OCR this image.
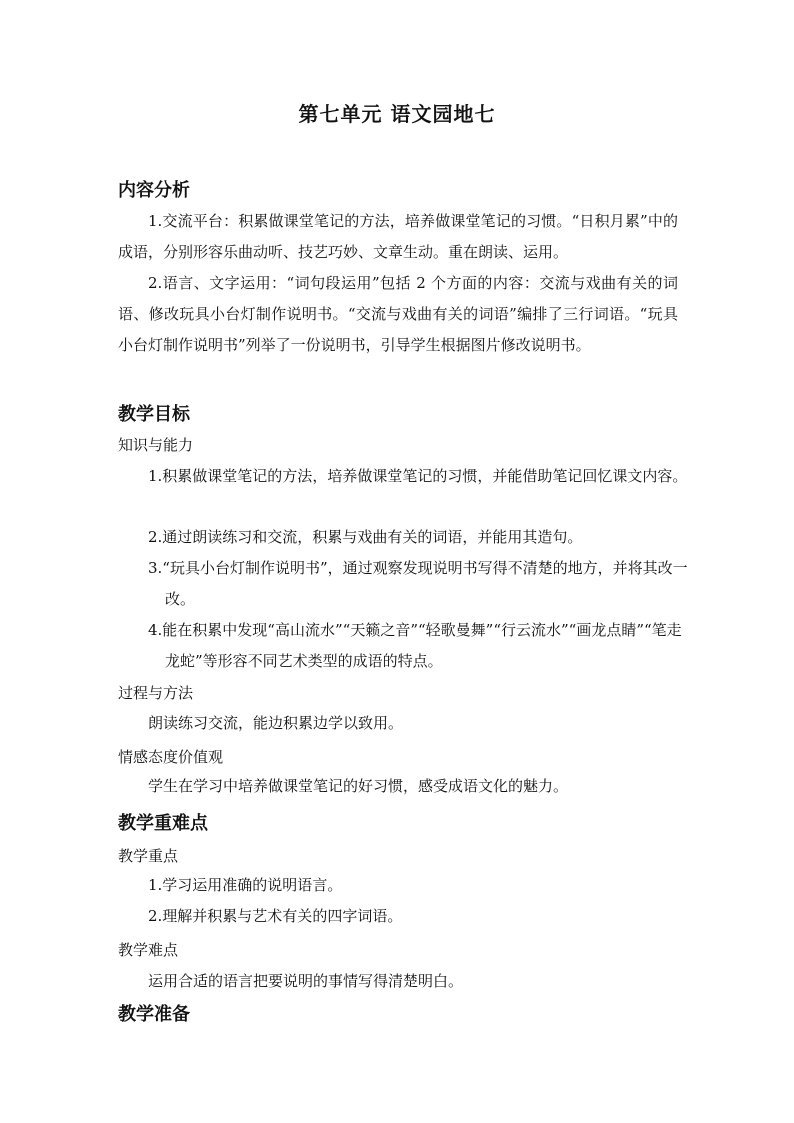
第七单元 语文园地七
内容分析
1.交流平台：积累做课堂笔记的方法，培养做课堂笔记的习惯。“日积月累”中的成语，分别形容乐曲动听、技艺巧妙、文章生动。重在朗读、运用。
2.语言、文字运用：“词句段运用”包括 2 个方面的内容：交流与戏曲有关的词语、修改玩具小台灯制作说明书。“交流与戏曲有关的词语”编排了三行词语。“玩具小台灯制作说明书”列举了一份说明书，引导学生根据图片修改说明书。
教学目标
知识与能力
1.积累做课堂笔记的方法，培养做课堂笔记的习惯，并能借助笔记回忆课文内容。
2.通过朗读练习和交流，积累与戏曲有关的词语，并能用其造句。
3.“玩具小台灯制作说明书”，通过观察发现说明书写得不清楚的地方，并将其改一改。
4.能在积累中发现“高山流水”“天籁之音”“轻歌曼舞”“行云流水”“画龙点睛”“笔走龙蛇”等形容不同艺术类型的成语的特点。
过程与方法
朗读练习交流，能边积累边学以致用。
情感态度价值观
学生在学习中培养做课堂笔记的好习惯，感受成语文化的魅力。
教学重难点
教学重点
1.学习运用准确的说明语言。
2.理解并积累与艺术有关的四字词语。
教学难点
运用合适的语言把要说明的事情写得清楚明白。
教学准备
